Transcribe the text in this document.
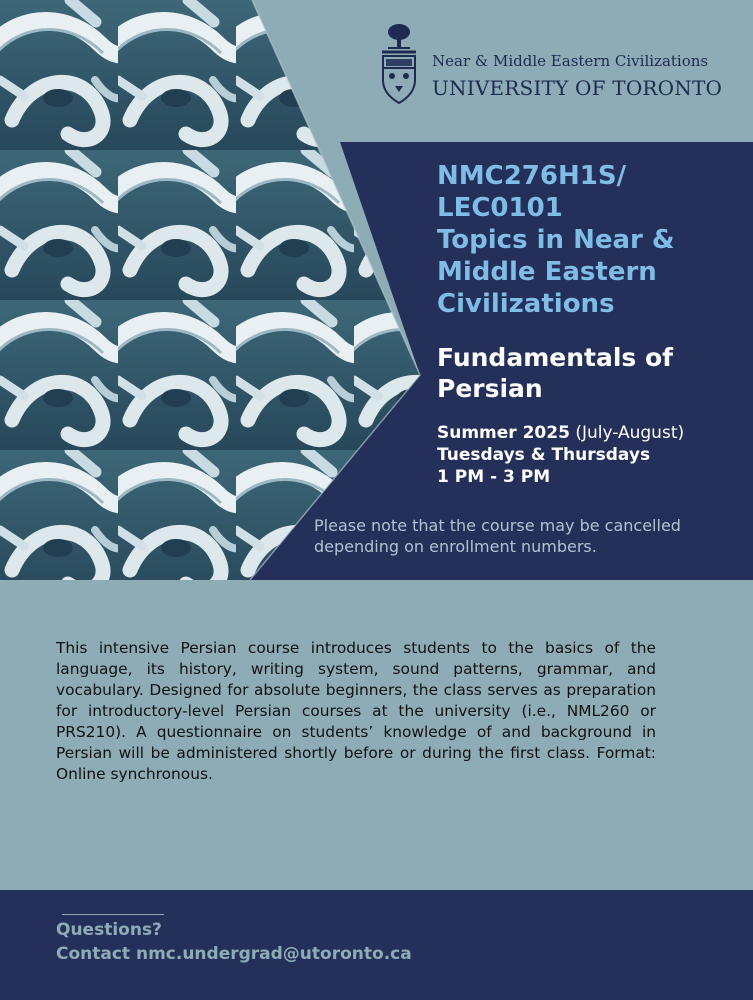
Near & Middle Eastern Civilizations
UNIVERSITY OF TORONTO
NMC276H1S/
LEC0101
Topics in Near &
Middle Eastern
Civilizations
Fundamentals of
Persian
Summer 2025 (July-August)
Tuesdays & Thursdays
1 PM - 3 PM
Please note that the course may be cancelled depending on enrollment numbers.
This intensive Persian course introduces students to the basics of the language, its history, writing system, sound patterns, grammar, and vocabulary. Designed for absolute beginners, the class serves as preparation for introductory-level Persian courses at the university (i.e., NML260 or PRS210). A questionnaire on students’ knowledge of and background in Persian will be administered shortly before or during the first class. Format: Online synchronous.
Questions?
Contact nmc.undergrad@utoronto.ca
